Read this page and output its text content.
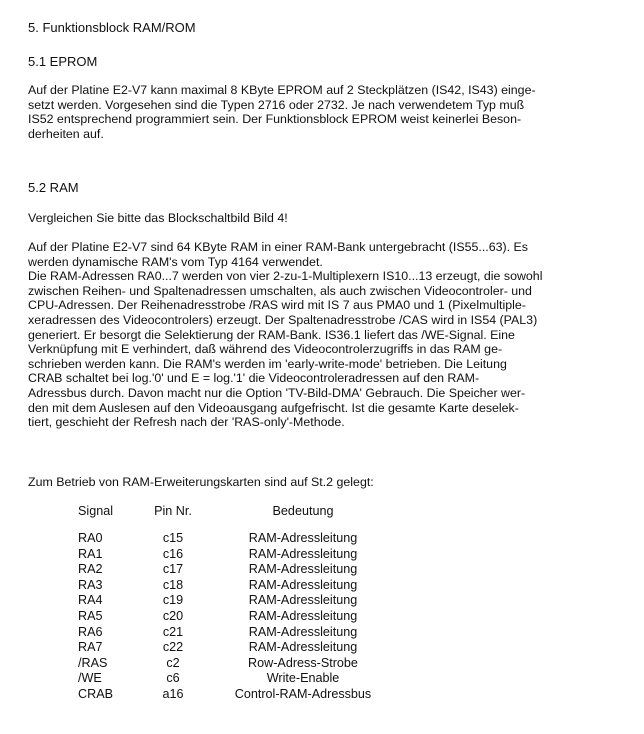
5. Funktionsblock RAM/ROM
5.1 EPROM
Auf der Platine E2-V7 kann maximal 8 KByte EPROM auf 2 Steckplätzen (IS42, IS43) einge-
setzt werden. Vorgesehen sind die Typen 2716 oder 2732. Je nach verwendetem Typ muß
IS52 entsprechend programmiert sein. Der Funktionsblock EPROM weist keinerlei Beson-
derheiten auf.
5.2 RAM
Vergleichen Sie bitte das Blockschaltbild Bild 4!
Auf der Platine E2-V7 sind 64 KByte RAM in einer RAM-Bank untergebracht (IS55...63). Es
werden dynamische RAM's vom Typ 4164 verwendet.
Die RAM-Adressen RA0...7 werden von vier 2-zu-1-Multiplexern IS10...13 erzeugt, die sowohl
zwischen Reihen- und Spaltenadressen umschalten, als auch zwischen Videocontroler- und
CPU-Adressen. Der Reihenadresstrobe /RAS wird mit IS 7 aus PMA0 und 1 (Pixelmultiple-
xeradressen des Videocontrolers) erzeugt. Der Spaltenadresstrobe /CAS wird in IS54 (PAL3)
generiert. Er besorgt die Selektierung der RAM-Bank. IS36.1 liefert das /WE-Signal. Eine
Verknüpfung mit E verhindert, daß während des Videocontrolerzugriffs in das RAM ge-
schrieben werden kann. Die RAM's werden im 'early-write-mode' betrieben. Die Leitung
CRAB schaltet bei log.'0' und E = log.'1' die Videocontroleradressen auf den RAM-
Adressbus durch. Davon macht nur die Option 'TV-Bild-DMA' Gebrauch. Die Speicher wer-
den mit dem Auslesen auf den Videoausgang aufgefrischt. Ist die gesamte Karte deselek-
tiert, geschieht der Refresh nach der 'RAS-only'-Methode.
Zum Betrieb von RAM-Erweiterungskarten sind auf St.2 gelegt:
Signal	Pin Nr.	Bedeutung
RA0	c15	RAM-Adressleitung
RA1	c16	RAM-Adressleitung
RA2	c17	RAM-Adressleitung
RA3	c18	RAM-Adressleitung
RA4	c19	RAM-Adressleitung
RA5	c20	RAM-Adressleitung
RA6	c21	RAM-Adressleitung
RA7	c22	RAM-Adressleitung
/RAS	c2	Row-Adress-Strobe
/WE	c6	Write-Enable
CRAB	a16	Control-RAM-Adressbus
